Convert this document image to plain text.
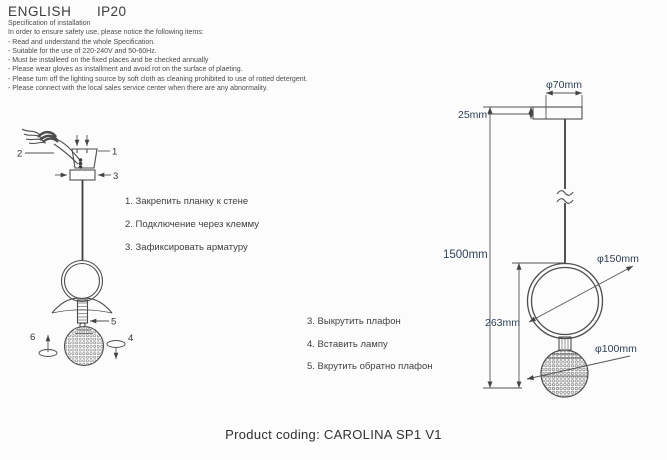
ENGLISH IP20
Specification of installation
In order to ensure safety use, please notice the following items:
- Read and understand the whole Specification.
- Suitable for the use of 220-240V and 50-60Hz.
- Must be installeed on the fixed places and be checked annually
- Please wear gloves as installment and avoid rot on the surface of plaeting.
- Please turn off the lighting source by soft cloth as cleaning prohibited to use of rotted detergent.
- Please connect with the local sales service center when there are any abnormality.
2	1
3
5
6	4
1. Закрепить планку к стене
2. Подключение через клемму
3. Зафиксировать арматуру
3. Выкрутить плафон
4. Вставить лампу
5. Вкрутить обратно плафон
φ70mm
25mm
1500mm
263mm
φ150mm
φ100mm
Product coding: CAROLINA SP1 V1
